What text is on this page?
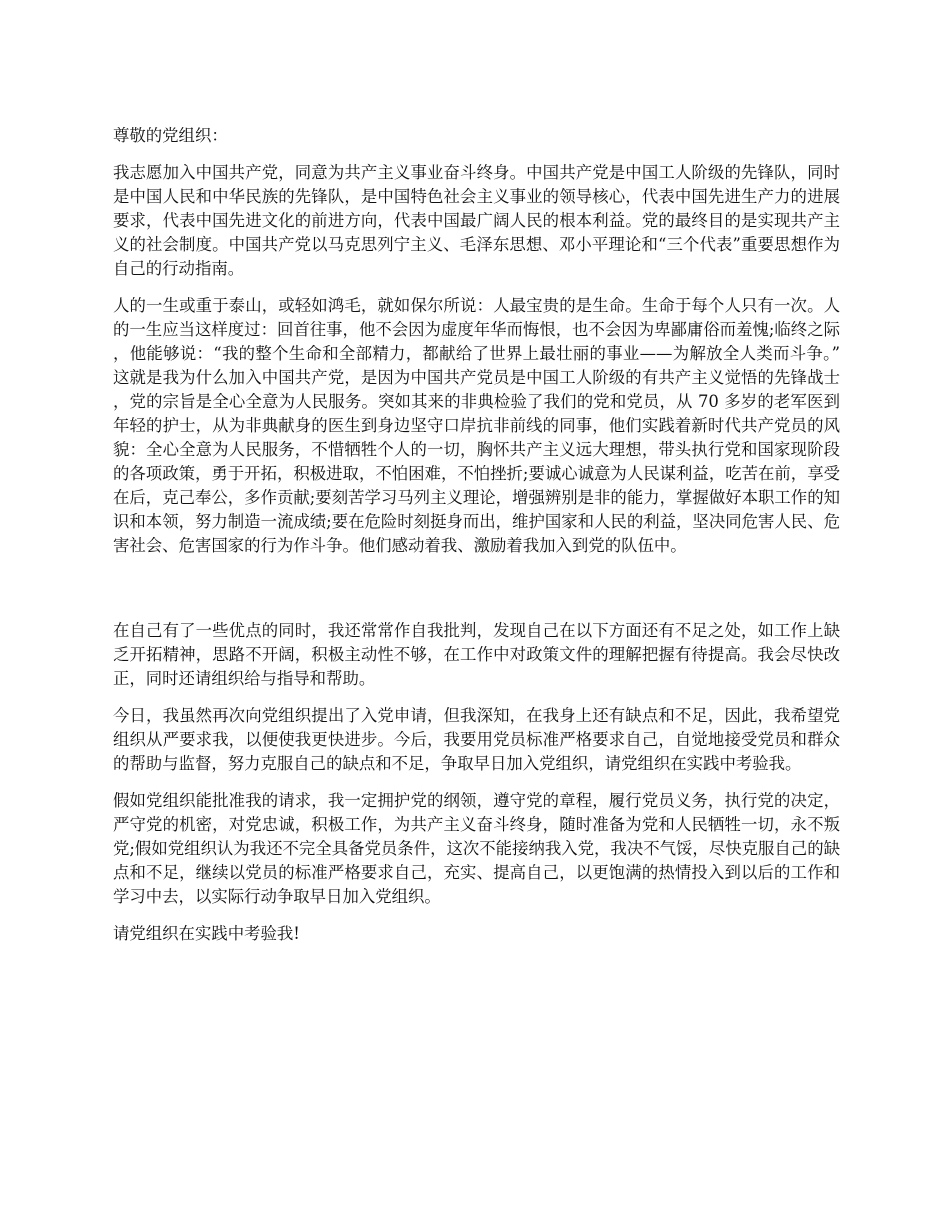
尊敬的党组织：

我志愿加入中国共产党，同意为共产主义事业奋斗终身。中国共产党是中国工人阶级的先锋队，同时是中国人民和中华民族的先锋队，是中国特色社会主义事业的领导核心，代表中国先进生产力的进展要求，代表中国先进文化的前进方向，代表中国最广阔人民的根本利益。党的最终目的是实现共产主义的社会制度。中国共产党以马克思列宁主义、毛泽东思想、邓小平理论和“三个代表”重要思想作为自己的行动指南。

人的一生或重于泰山，或轻如鸿毛，就如保尔所说：人最宝贵的是生命。生命于每个人只有一次。人的一生应当这样度过：回首往事，他不会因为虚度年华而悔恨，也不会因为卑鄙庸俗而羞愧;临终之际，他能够说：“我的整个生命和全部精力，都献给了世界上最壮丽的事业——为解放全人类而斗争。”这就是我为什么加入中国共产党，是因为中国共产党员是中国工人阶级的有共产主义觉悟的先锋战士，党的宗旨是全心全意为人民服务。突如其来的非典检验了我们的党和党员，从 70 多岁的老军医到年轻的护士，从为非典献身的医生到身边坚守口岸抗非前线的同事，他们实践着新时代共产党员的风貌：全心全意为人民服务，不惜牺牲个人的一切，胸怀共产主义远大理想，带头执行党和国家现阶段的各项政策，勇于开拓，积极进取，不怕困难，不怕挫折;要诚心诚意为人民谋利益，吃苦在前，享受在后，克己奉公，多作贡献;要刻苦学习马列主义理论，增强辨别是非的能力，掌握做好本职工作的知识和本领，努力制造一流成绩;要在危险时刻挺身而出，维护国家和人民的利益，坚决同危害人民、危害社会、危害国家的行为作斗争。他们感动着我、激励着我加入到党的队伍中。

在自己有了一些优点的同时，我还常常作自我批判，发现自己在以下方面还有不足之处，如工作上缺乏开拓精神，思路不开阔，积极主动性不够，在工作中对政策文件的理解把握有待提高。我会尽快改正，同时还请组织给与指导和帮助。

今日，我虽然再次向党组织提出了入党申请，但我深知，在我身上还有缺点和不足，因此，我希望党组织从严要求我，以便使我更快进步。今后，我要用党员标准严格要求自己，自觉地接受党员和群众的帮助与监督，努力克服自己的缺点和不足，争取早日加入党组织，请党组织在实践中考验我。

假如党组织能批准我的请求，我一定拥护党的纲领，遵守党的章程，履行党员义务，执行党的决定，严守党的机密，对党忠诚，积极工作，为共产主义奋斗终身，随时准备为党和人民牺牲一切，永不叛党;假如党组织认为我还不完全具备党员条件，这次不能接纳我入党，我决不气馁，尽快克服自己的缺点和不足，继续以党员的标准严格要求自己，充实、提高自己，以更饱满的热情投入到以后的工作和学习中去，以实际行动争取早日加入党组织。

请党组织在实践中考验我!
